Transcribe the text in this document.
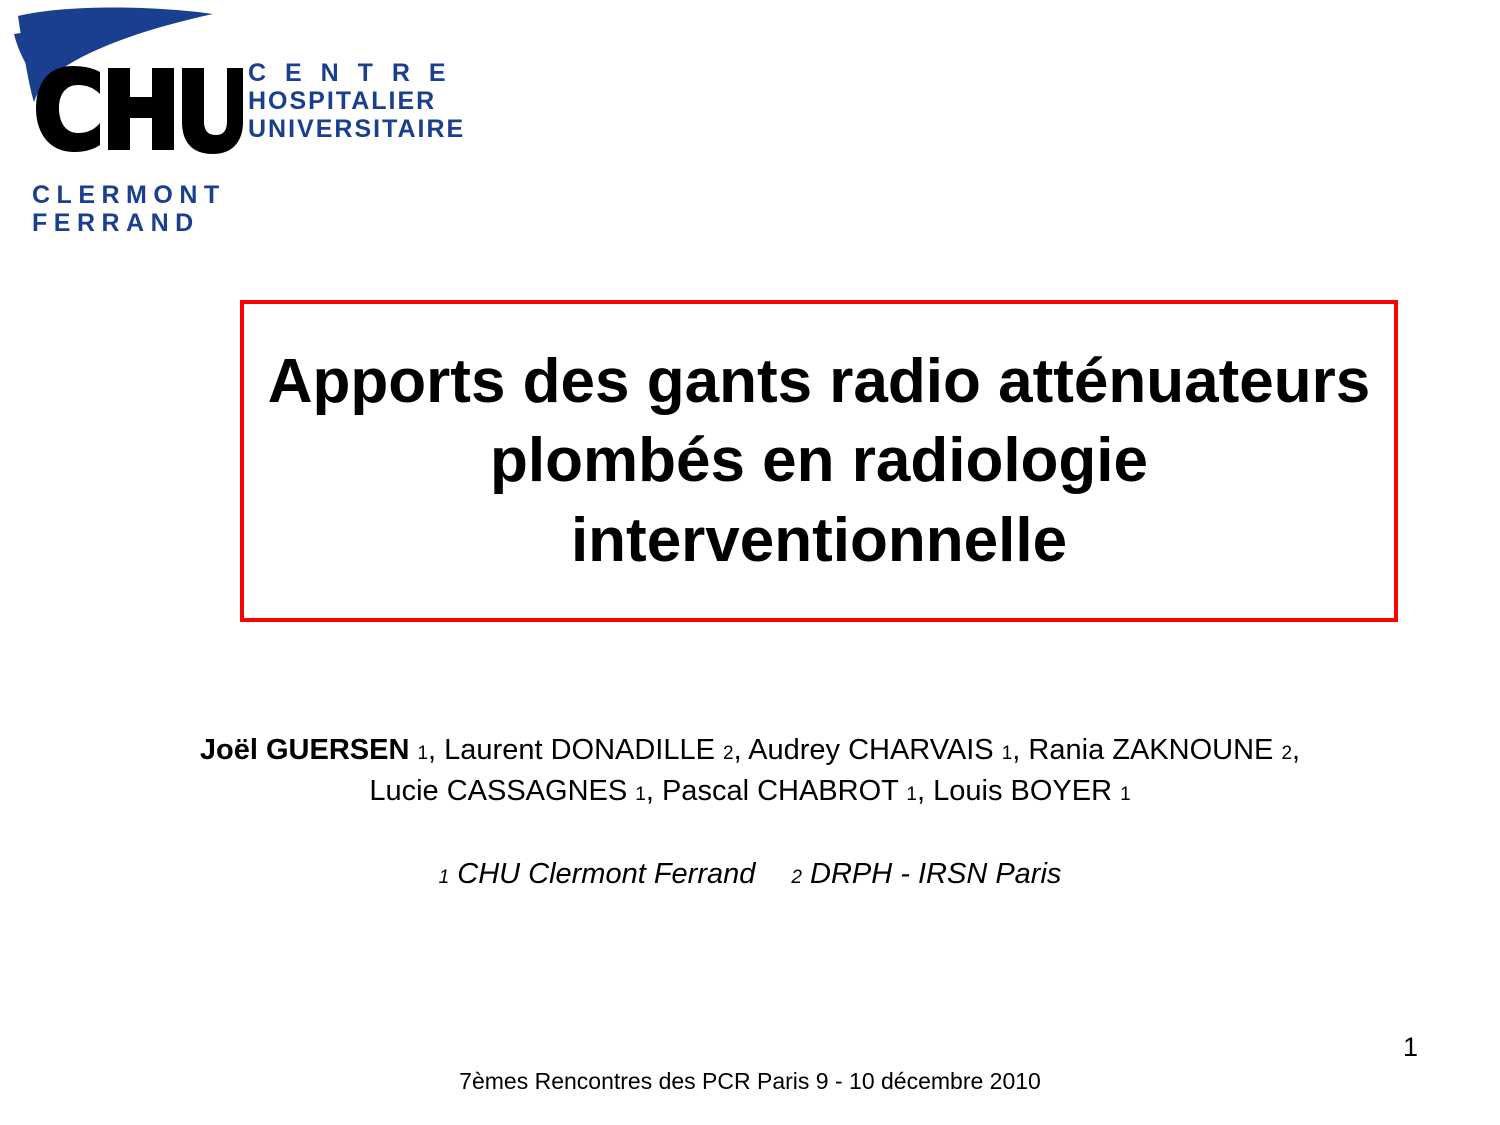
C E N T R E
HOSPITALIER
UNIVERSITAIRE
CLERMONT
FERRAND
Apports des gants radio atténuateurs plombés en radiologie interventionnelle
Joël GUERSEN 1, Laurent DONADILLE 2, Audrey CHARVAIS 1, Rania ZAKNOUNE 2,
Lucie CASSAGNES 1, Pascal CHABROT 1, Louis BOYER 1
1 CHU Clermont Ferrand 2 DRPH - IRSN Paris
1
7èmes Rencontres des PCR Paris 9 - 10 décembre 2010
